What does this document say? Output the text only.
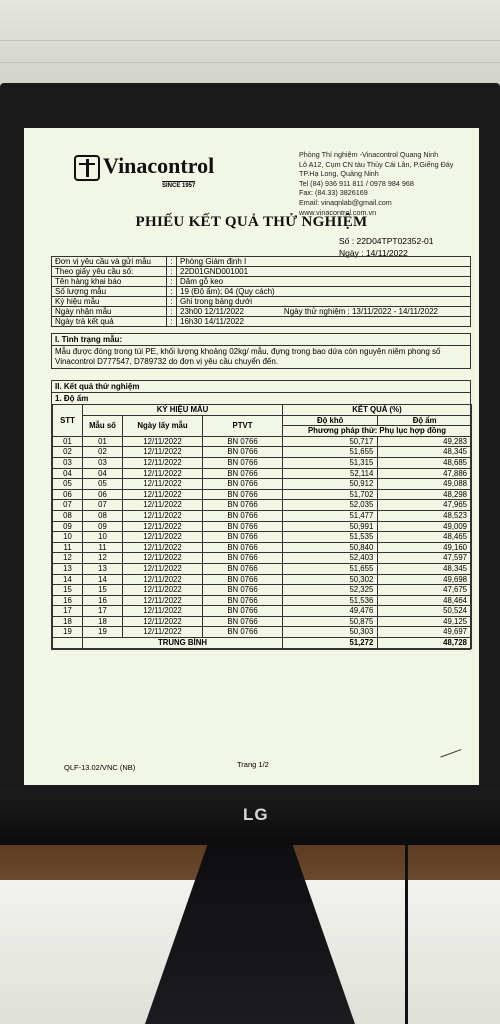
LG
Vinacontrol
SINCE 1957
Phòng Thí nghiệm -Vinacontrol Quang Ninh
Lô A12, Cụm CN tàu Thủy Cái Lân, P.Giếng Đáy
TP.Hạ Long, Quảng Ninh
Tel (84) 936 911 811 / 0978 984 968
Fax: (84.33) 3826169
Email: vinaqnlab@gmail.com
www.vinacontrol.com.vn
PHIẾU KẾT QUẢ THỬ NGHIỆM
Số : 22D04TPT02352-01
Ngày : 14/11/2022
Đơn vị yêu cầu và gửi mẫu	:	Phòng Giám định I
Theo giấy yêu cầu số:	:	22D01GND001001
Tên hàng khai báo	:	Dăm gỗ keo
Số lượng mẫu	:	19 (Độ ẩm); 04 (Quy cách)
Ký hiệu mẫu	:	Ghi trong bảng dưới
Ngày nhận mẫu	:	23h00 12/11/2022 Ngày thử nghiệm : 13/11/2022 - 14/11/2022
Ngày trả kết quả	:	16h30 14/11/2022
I. Tình trạng mẫu:
Mẫu được đóng trong túi PE, khối lượng khoảng 02kg/ mẫu, đựng trong bao dứa còn nguyên niêm phong số Vinacontrol D777547, D789732 do đơn vị yêu cầu chuyển đến.
II. Kết quả thử nghiệm
1. Độ ẩm
STT	KÝ HIỆU MẪU			KẾT QUẢ (%)	
	Mẫu số	Ngày lấy mẫu	PTVT	Độ khô	Độ ẩm
				Phương pháp thử: Phụ lục hợp đồng	
01	01	12/11/2022	BN 0766	50,717	49,283
02	02	12/11/2022	BN 0766	51,655	48,345
03	03	12/11/2022	BN 0766	51,315	48,685
04	04	12/11/2022	BN 0766	52,114	47,886
05	05	12/11/2022	BN 0766	50,912	49,088
06	06	12/11/2022	BN 0766	51,702	48,298
07	07	12/11/2022	BN 0766	52,035	47,965
08	08	12/11/2022	BN 0766	51,477	48,523
09	09	12/11/2022	BN 0766	50,991	49,009
10	10	12/11/2022	BN 0766	51,535	48,465
11	11	12/11/2022	BN 0766	50,840	49,160
12	12	12/11/2022	BN 0766	52,403	47,597
13	13	12/11/2022	BN 0766	51,655	48,345
14	14	12/11/2022	BN 0766	50,302	49,698
15	15	12/11/2022	BN 0766	52,325	47,675
16	16	12/11/2022	BN 0766	51,536	48,464
17	17	12/11/2022	BN 0766	49,476	50,524
18	18	12/11/2022	BN 0766	50,875	49,125
19	19	12/11/2022	BN 0766	50,303	49,697
	TRUNG BÌNH			51,272	48,728
QLF-13.02/VNC (NB)	Trang 1/2
